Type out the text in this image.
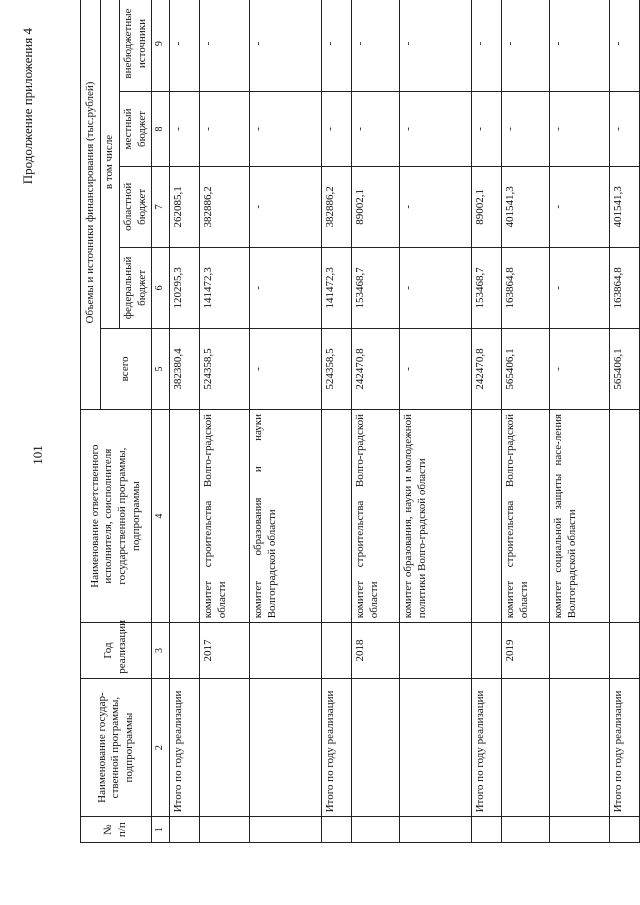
101
Продолжение приложения 4
№ п/п	Наименование государ-ственной программы, подпрограммы	Год реализации	Наименование ответственного исполнителя, соисполнителя государственной программы, подпрограммы	Объемы и источники финансирования (тыс.рублей)				
				всего	в том числе			
					федеральный бюджет	областной бюджет	местный бюджет	внебюджетные источники
1	2	3	4	5	6	7	8	9
	Итого по году реализации			382380,4	120295,3	262085,1	-	-
		2017	комитет строительства Волго-градской области	524358,5	141472,3	382886,2	-	-
			комитет образования и науки Волгоградской области	-	-	-	-	-
	Итого по году реализации			524358,5	141472,3	382886,2	-	-
		2018	комитет строительства Волго-градской области	242470,8	153468,7	89002,1	-	-
			комитет образования, науки и молодежной политики Волго-градской области	-	-	-	-	-
	Итого по году реализации			242470,8	153468,7	89002,1	-	-
		2019	комитет строительства Волго-градской области	565406,1	163864,8	401541,3	-	-
			комитет социальной защиты насе-ления Волгоградской области	-	-	-	-	-
	Итого по году реализации			565406,1	163864,8	401541,3	-	-
